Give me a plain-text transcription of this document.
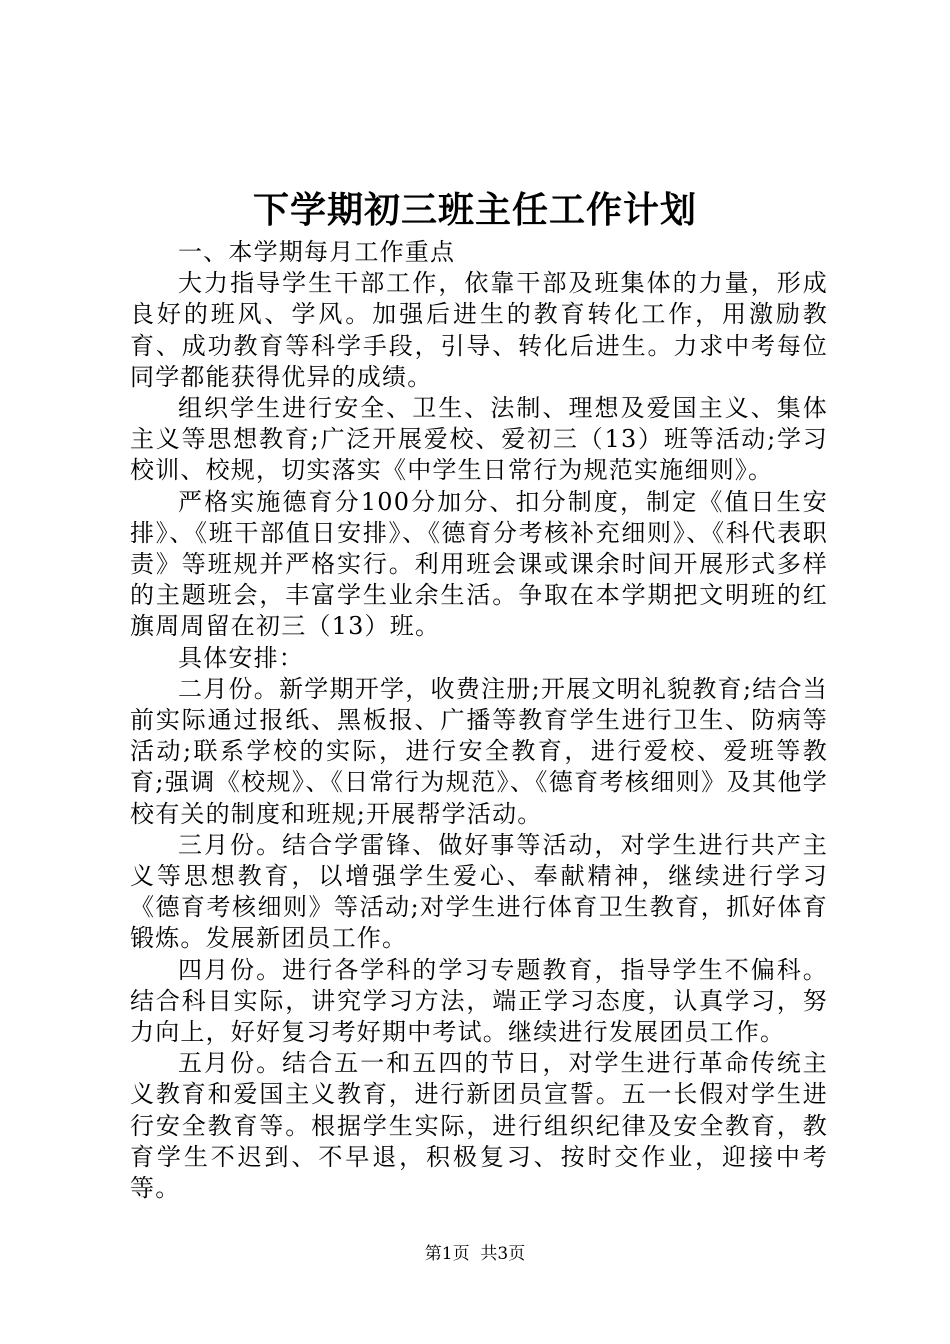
下学期初三班主任工作计划

一、本学期每月工作重点

大力指导学生干部工作，依靠干部及班集体的力量，形成良好的班风、学风。加强后进生的教育转化工作，用激励教育、成功教育等科学手段，引导、转化后进生。力求中考每位同学都能获得优异的成绩。

组织学生进行安全、卫生、法制、理想及爱国主义、集体主义等思想教育;广泛开展爱校、爱初三（13）班等活动;学习校训、校规，切实落实《中学生日常行为规范实施细则》。

严格实施德育分100分加分、扣分制度，制定《值日生安排》、《班干部值日安排》、《德育分考核补充细则》、《科代表职责》等班规并严格实行。利用班会课或课余时间开展形式多样的主题班会，丰富学生业余生活。争取在本学期把文明班的红旗周周留在初三（13）班。

具体安排：

二月份。新学期开学，收费注册;开展文明礼貌教育;结合当前实际通过报纸、黑板报、广播等教育学生进行卫生、防病等活动;联系学校的实际，进行安全教育，进行爱校、爱班等教育;强调《校规》、《日常行为规范》、《德育考核细则》及其他学校有关的制度和班规;开展帮学活动。

三月份。结合学雷锋、做好事等活动，对学生进行共产主义等思想教育，以增强学生爱心、奉献精神，继续进行学习《德育考核细则》等活动;对学生进行体育卫生教育，抓好体育锻炼。发展新团员工作。

四月份。进行各学科的学习专题教育，指导学生不偏科。结合科目实际，讲究学习方法，端正学习态度，认真学习，努力向上，好好复习考好期中考试。继续进行发展团员工作。

五月份。结合五一和五四的节日，对学生进行革命传统主义教育和爱国主义教育，进行新团员宣誓。五一长假对学生进行安全教育等。根据学生实际，进行组织纪律及安全教育，教育学生不迟到、不早退，积极复习、按时交作业，迎接中考等。

第1页 共3页
